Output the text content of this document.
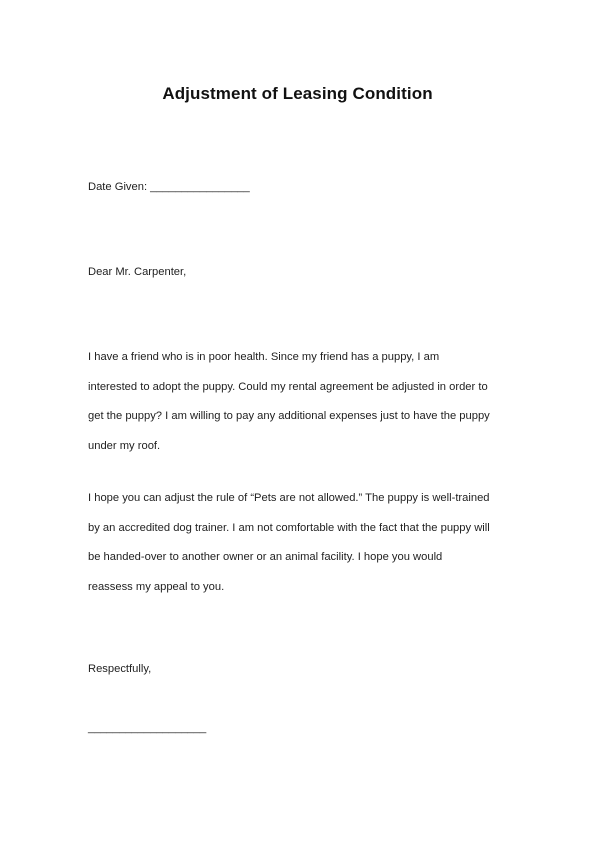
Adjustment of Leasing Condition
Date Given: ________________
Dear Mr. Carpenter,
I have a friend who is in poor health. Since my friend has a puppy, I am
interested to adopt the puppy. Could my rental agreement be adjusted in order to
get the puppy? I am willing to pay any additional expenses just to have the puppy
under my roof.
I hope you can adjust the rule of “Pets are not allowed.” The puppy is well-trained
by an accredited dog trainer. I am not comfortable with the fact that the puppy will
be handed-over to another owner or an animal facility. I hope you would
reassess my appeal to you.
Respectfully,
___________________
